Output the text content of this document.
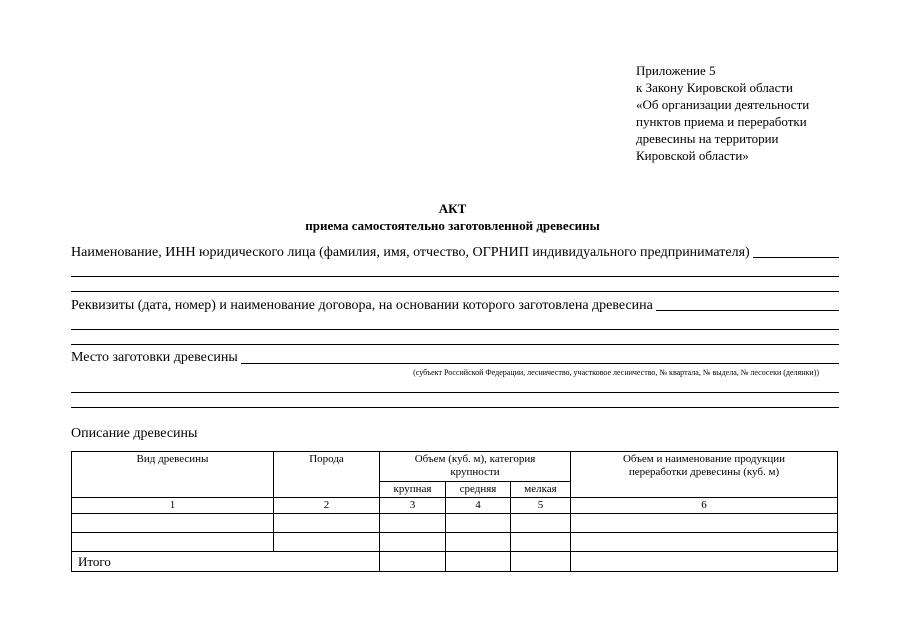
Приложение 5
к Закону Кировской области
«Об организации деятельности
пунктов приема и переработки
древесины на территории
Кировской области»
АКТ
приема самостоятельно заготовленной древесины
Наименование, ИНН юридического лица (фамилия, имя, отчество, ОГРНИП индивидуального предпринимателя)
Реквизиты (дата, номер) и наименование договора, на основании которого заготовлена древесина
Место заготовки древесины
(субъект Российской Федерации, лесничество, участковое лесничество, № квартала, № выдела, № лесосеки (делянки))
Описание древесины
Вид древесины	Порода	Объем (куб. м), категория крупности			Объем и наименование продукции переработки древесины (куб. м)
		крупная	средняя	мелкая	
1	2	3	4	5	6

Итого					
